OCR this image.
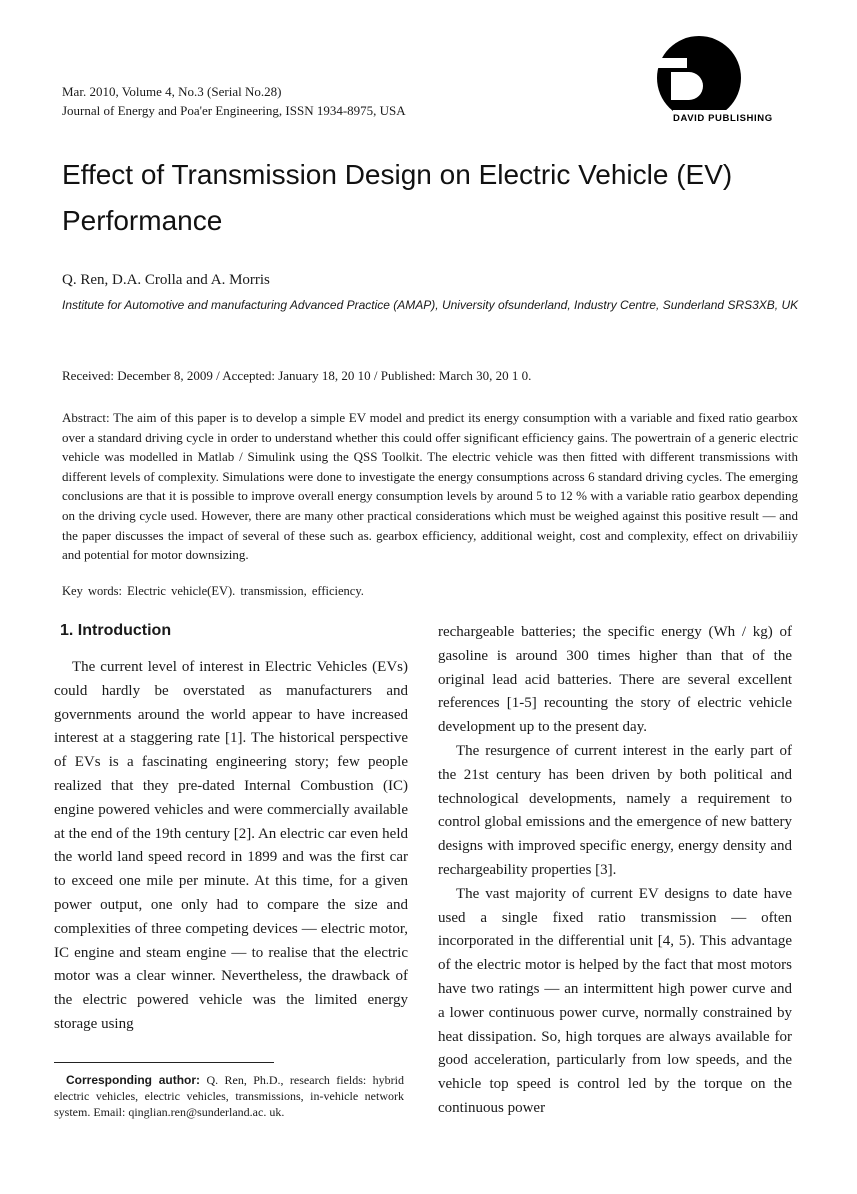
Mar. 2010, Volume 4, No.3 (Serial No.28)
Journal of Energy and Poa'er Engineering, ISSN 1934-8975, USA
DAVID PUBLISHING
Effect of Transmission Design on Electric Vehicle (EV) Performance
Q. Ren, D.A. Crolla and A. Morris
Institute for Automotive and manufacturing Advanced Practice (AMAP), University ofsunderland, Industry Centre, Sunderland SRS3XB, UK
Received: December 8, 2009 / Accepted: January 18, 20 10 / Published: March 30, 20 1 0.
Abstract: The aim of this paper is to develop a simple EV model and predict its energy consumption with a variable and fixed ratio gearbox over a standard driving cycle in order to understand whether this could offer significant efficiency gains. The powertrain of a generic electric vehicle was modelled in Matlab / Simulink using the QSS Toolkit. The electric vehicle was then fitted with different transmissions with different levels of complexity. Simulations were done to investigate the energy consumptions across 6 standard driving cycles. The emerging conclusions are that it is possible to improve overall energy consumption levels by around 5 to 12 % with a variable ratio gearbox depending on the driving cycle used. However, there are many other practical considerations which must be weighed against this positive result — and the paper discusses the impact of several of these such as. gearbox efficiency, additional weight, cost and complexity, effect on drivabiliiy and potential for motor downsizing.
Key words: Electric vehicle(EV). transmission, efficiency.
1. Introduction

The current level of interest in Electric Vehicles (EVs) could hardly be overstated as manufacturers and governments around the world appear to have increased interest at a staggering rate [1]. The historical perspective of EVs is a fascinating engineering story; few people realized that they pre-dated Internal Combustion (IC) engine powered vehicles and were commercially available at the end of the 19th century [2]. An electric car even held the world land speed record in 1899 and was the first car to exceed one mile per minute. At this time, for a given power output, one only had to compare the size and complexities of three competing devices — electric motor, IC engine and steam engine — to realise that the electric motor was a clear winner. Nevertheless, the drawback of the electric powered vehicle was the limited energy storage using

rechargeable batteries; the specific energy (Wh / kg) of gasoline is around 300 times higher than that of the original lead acid batteries. There are several excellent references [1-5] recounting the story of electric vehicle development up to the present day.

The resurgence of current interest in the early part of the 21st century has been driven by both political and technological developments, namely a requirement to control global emissions and the emergence of new battery designs with improved specific energy, energy density and rechargeability properties [3].

The vast majority of current EV designs to date have used a single fixed ratio transmission — often incorporated in the differential unit [4, 5). This advantage of the electric motor is helped by the fact that most motors have two ratings — an intermittent high power curve and a lower continuous power curve, normally constrained by heat dissipation. So, high torques are always available for good acceleration, particularly from low speeds, and the vehicle top speed is control led by the torque on the continuous power

Corresponding author: Q. Ren, Ph.D., research fields: hybrid electric vehicles, electric vehicles, transmissions, in-vehicle network system. Email: qinglian.ren@sunderland.ac. uk.
